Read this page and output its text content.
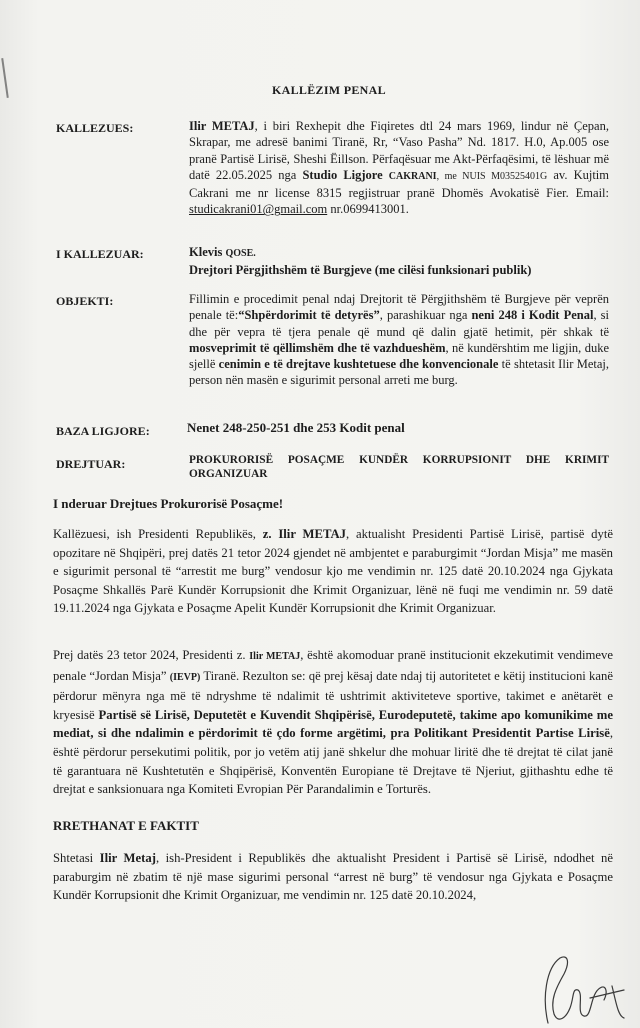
KALLËZIM PENAL
KALLEZUES:	Ilir METAJ, i biri Rexhepit dhe Fiqiretes dtl 24 mars 1969, lindur në Çepan, Skrapar, me adresë banimi Tiranë, Rr, “Vaso Pasha” Nd. 1817. H.0, Ap.005 ose pranë Partisë Lirisë, Sheshi Ëillson. Përfaqësuar me Akt-Përfaqësimi, të lëshuar më datë 22.05.2025 nga Studio Ligjore CAKRANI, me NUIS M03525401G av. Kujtim Cakrani me nr license 8315 regjistruar pranë Dhomës Avokatisë Fier. Email: studicakrani01@gmail.com nr.0699413001.
I KALLEZUAR:	Klevis QOSE.
Drejtori Përgjithshëm të Burgjeve (me cilësi funksionari publik)
OBJEKTI:	Fillimin e procedimit penal ndaj Drejtorit të Përgjithshëm të Burgjeve për veprën penale të:“Shpërdorimit të detyrës”, parashikuar nga neni 248 i Kodit Penal, si dhe për vepra të tjera penale që mund që dalin gjatë hetimit, për shkak të mosveprimit të qëllimshëm dhe të vazhdueshëm, në kundërshtim me ligjin, duke sjellë cenimin e të drejtave kushtetuese dhe konvencionale të shtetasit Ilir Metaj, person nën masën e sigurimit personal arreti me burg.
BAZA LIGJORE:	Nenet 248-250-251 dhe 253 Kodit penal
DREJTUAR:	PROKURORISË POSAÇME KUNDËR KORRUPSIONIT DHE KRIMIT ORGANIZUAR
I nderuar Drejtues Prokurorisë Posaçme!
Kallëzuesi, ish Presidenti Republikës, z. Ilir METAJ, aktualisht Presidenti Partisë Lirisë, partisë dytë opozitare në Shqipëri, prej datës 21 tetor 2024 gjendet në ambjentet e paraburgimit “Jordan Misja” me masën e sigurimit personal të “arrestit me burg” vendosur kjo me vendimin nr. 125 datë 20.10.2024 nga Gjykata Posaçme Shkallës Parë Kundër Korrupsionit dhe Krimit Organizuar, lënë në fuqi me vendimin nr. 59 datë 19.11.2024 nga Gjykata e Posaçme Apelit Kundër Korrupsionit dhe Krimit Organizuar.
Prej datës 23 tetor 2024, Presidenti z. Ilir METAJ, është akomoduar pranë institucionit ekzekutimit vendimeve penale “Jordan Misja” (IEVP) Tiranë. Rezulton se: që prej kësaj date ndaj tij autoritetet e këtij institucioni kanë përdorur mënyra nga më të ndryshme të ndalimit të ushtrimit aktiviteteve sportive, takimet e anëtarët e kryesisë Partisë së Lirisë, Deputetët e Kuvendit Shqipërisë, Eurodeputetë, takime apo komunikime me mediat, si dhe ndalimin e përdorimit të çdo forme argëtimi, pra Politikant Presidentit Partise Lirisë, është përdorur persekutimi politik, por jo vetëm atij janë shkelur dhe mohuar liritë dhe të drejtat të cilat janë të garantuara në Kushtetutën e Shqipërisë, Konventën Europiane të Drejtave të Njeriut, gjithashtu edhe të drejtat e sanksionuara nga Komiteti Evropian Për Parandalimin e Torturës.
RRETHANAT E FAKTIT
Shtetasi Ilir Metaj, ish-President i Republikës dhe aktualisht President i Partisë së Lirisë, ndodhet në paraburgim në zbatim të një mase sigurimi personal “arrest në burg” të vendosur nga Gjykata e Posaçme Kundër Korrupsionit dhe Krimit Organizuar, me vendimin nr. 125 datë 20.10.2024,
